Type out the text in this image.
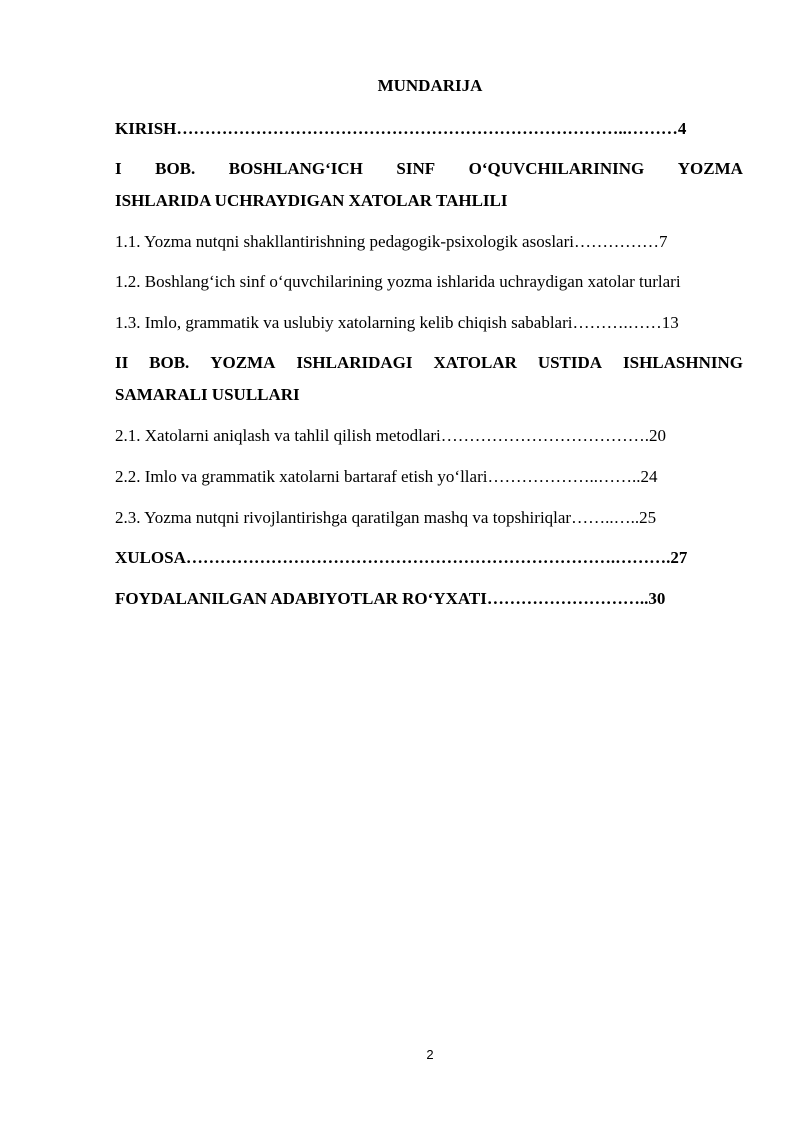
MUNDARIJA
KIRISH……………………………………………………………………..………4
I BOB. BOSHLANG‘ICH SINF O‘QUVCHILARINING YOZMA
ISHLARIDA UCHRAYDIGAN XATOLAR TAHLILI
1.1. Yozma nutqni shakllantirishning pedagogik-psixologik asoslari……………7
1.2. Boshlang‘ich sinf o‘quvchilarining yozma ishlarida uchraydigan xatolar turlari
1.3. Imlo, grammatik va uslubiy xatolarning kelib chiqish sabablari……….……13
II BOB. YOZMA ISHLARIDAGI XATOLAR USTIDA ISHLASHNING
SAMARALI USULLARI
2.1. Xatolarni aniqlash va tahlil qilish metodlari……………………………….20
2.2. Imlo va grammatik xatolarni bartaraf etish yo‘llari………………..……..24
2.3. Yozma nutqni rivojlantirishga qaratilgan mashq va topshiriqlar……..…..25
XULOSA………………………………………………………………….……….27
FOYDALANILGAN ADABIYOTLAR RO‘YXATI………………………..30
2
